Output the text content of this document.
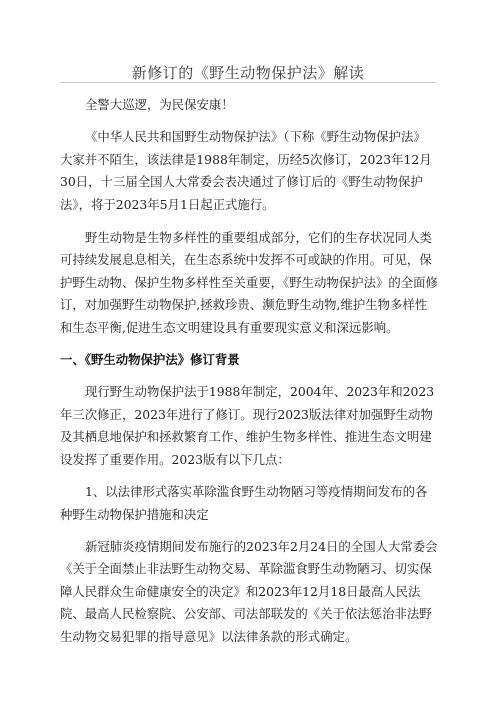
新修订的《野生动物保护法》解读

全警大巡逻，为民保安康！

《中华人民共和国野生动物保护法》（下称《野生动物保护法》大家并不陌生，该法律是1988年制定，历经5次修订，2023年12月30日，十三届全国人大常委会表决通过了修订后的《野生动物保护法》，将于2023年5月1日起正式施行。

野生动物是生物多样性的重要组成部分，它们的生存状况同人类可持续发展息息相关，在生态系统中发挥不可或缺的作用。可见，保护野生动物、保护生物多样性至关重要，《野生动物保护法》的全面修订，对加强野生动物保护,拯救珍贵、濒危野生动物,维护生物多样性和生态平衡,促进生态文明建设具有重要现实意义和深远影响。

一、《野生动物保护法》修订背景

现行野生动物保护法于1988年制定，2004年、2023年和2023年三次修正，2023年进行了修订。现行2023版法律对加强野生动物及其栖息地保护和拯救繁育工作、维护生物多样性、推进生态文明建设发挥了重要作用。2023版有以下几点：

1、以法律形式落实革除滥食野生动物陋习等疫情期间发布的各种野生动物保护措施和决定

新冠肺炎疫情期间发布施行的2023年2月24日的全国人大常委会《关于全面禁止非法野生动物交易、革除滥食野生动物陋习、切实保障人民群众生命健康安全的决定》和2023年12月18日最高人民法院、最高人民检察院、公安部、司法部联发的《关于依法惩治非法野生动物交易犯罪的指导意见》以法律条款的形式确定。
